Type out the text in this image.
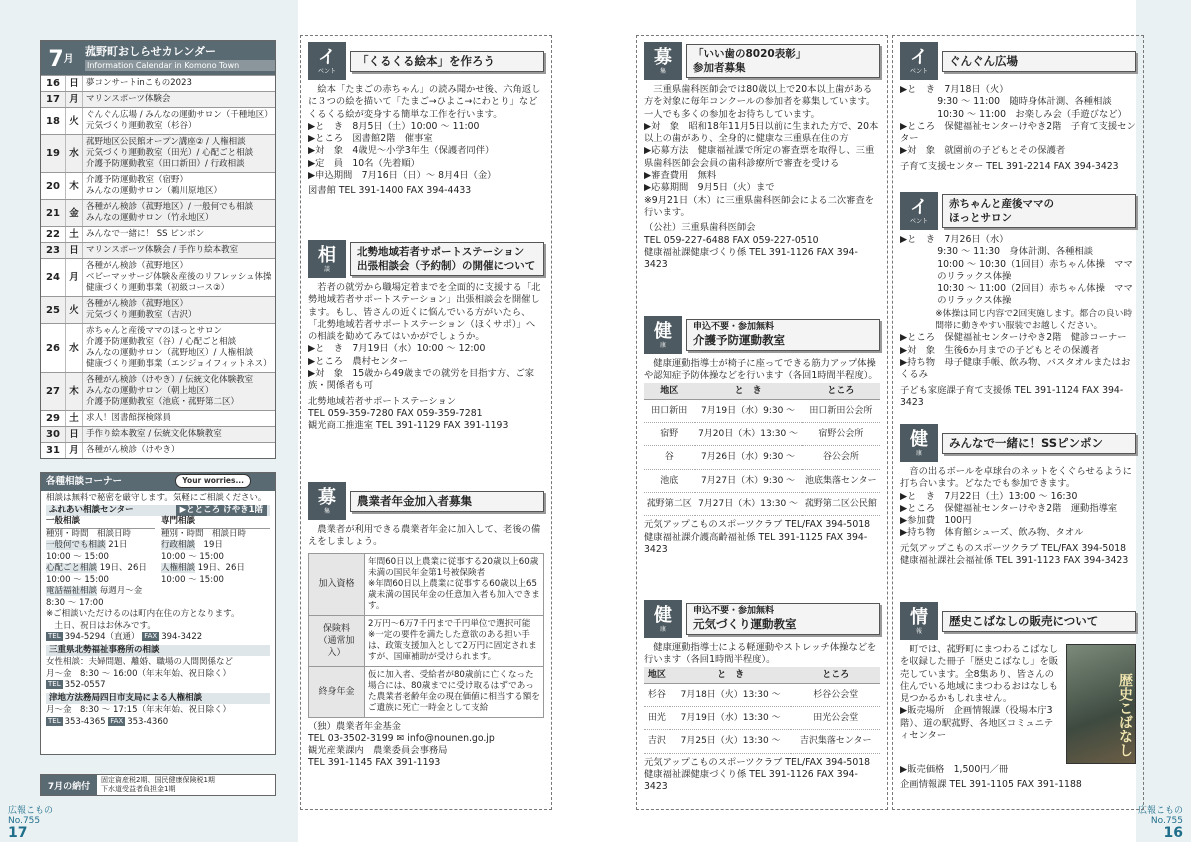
7 月
菰野町おしらせカレンダー
Information Calendar in Komono Town
16 日 夢コンサートinこもの2023
17 月 マリンスポーツ体験会
18 火
ぐんぐん広場 / みんなの運動サロン（千種地区）
元気づくり運動教室（杉谷）
19 水
菰野地区公民館オープン講座② / 人権相談
元気づくり運動教室（田光）/ 心配ごと相談
介護予防運動教室（田口新田）/ 行政相談
20 木
介護予防運動教室（宿野）
みんなの運動サロン（鵜川原地区）
21 金
各種がん検診（菰野地区）/ 一般何でも相談
みんなの運動サロン（竹永地区）
22 土 みんなで一緒に！ SS ピンポン
23 日 マリンスポーツ体験会 / 手作り絵本教室
24 月
各種がん検診（菰野地区）
ベビーマッサージ体験＆産後のリフレッシュ体操
健康づくり運動事業（初級コース②）
25 火
各種がん検診（菰野地区）
元気づくり運動教室（吉沢）
26 水
赤ちゃんと産後ママのほっとサロン
介護予防運動教室（谷）/ 心配ごと相談
みんなの運動サロン（菰野地区）/ 人権相談
健康づくり運動事業（エンジョイフィットネス）
27 木
各種がん検診（けやき）/ 伝統文化体験教室
みんなの運動サロン（朝上地区）
介護予防運動教室（池底・菰野第二区）
29 土 求人！図書館探検隊員
30 日 手作り絵本教室 / 伝統文化体験教室
31 月 各種がん検診（けやき）
各種相談コーナー	Your worries...
相談は無料で秘密を厳守します。気軽にご相談ください。
ふれあい相談センター	▶とところ けやき1階
一般相談	専門相談
種別・時間　 相談日時	種別・時間　 相談日時
一般何でも相談 21日	行政相談　 19日
10:00 ～ 15:00	10:00 ～ 15:00
心配ごと相談 19日、26日	人権相談 19日、26日
10:00 ～ 15:00	10:00 ～ 15:00
電話福祉相談 毎週月～金
8:30 ～ 17:00
※ご相談いただけるのは町内在住の方となります。
土日、祝日はお休みです。
TEL 394-5294（直通） FAX 394-3422
三重県北勢福祉事務所の相談
女性相談：夫婦問題、離婚、職場の人間関係など
月～金　8:30 ～ 16:00（年末年始、祝日除く）
TEL 352-0557
津地方法務局四日市支局による人権相談
月～金　8:30 ～ 17:15（年末年始、祝日除く）
TEL 353-4365 FAX 353-4360
7月の納付
固定資産税2期、国民健康保険税1期
下水道受益者負担金1期
広報こもの
No.755
17
広報こもの
No.755
16
イ
ベント
「くるくる絵本」を作ろう

絵本「たまごの赤ちゃん」の読み聞かせ後、六角返しに３つの絵を描いて「たまご→ひよこ→にわとり」などくるくる絵が変身する簡単な工作を行います。

▶と　き　8月5日（土）10:00 ～ 11:00
▶ところ　図書館2階　催事室
▶対　象　4歳児～小学3年生（保護者同伴）
▶定　員　10名（先着順）
▶申込期間　7月16日（日）～ 8月4日（金）
図書館 TEL 391-1400 FAX 394-4433
相
談
北勢地域若者サポートステーション
出張相談会（予約制）の開催について

若者の就労から職場定着までを全面的に支援する「北勢地域若者サポートステーション」出張相談会を開催します。もし、皆さんの近くに悩んでいる方がいたら、「北勢地域若者サポートステーション（ほくサポ）」への相談を勧めてみてはいかがでしょうか。

▶と　き　7月19日（水）10:00 ～ 12:00
▶ところ　農村センター
▶対　象　15歳から49歳までの就労を目指す方、ご家族・関係者も可
北勢地域若者サポートステーション
TEL 059-359-7280 FAX 059-359-7281
観光商工推進室 TEL 391-1129 FAX 391-1193
募
集
農業者年金加入者募集

農業者が利用できる農業者年金に加入して、老後の備えをしましょう。

加入資格	年間60日以上農業に従事する20歳以上60歳未満の国民年金第1号被保険者
※年間60日以上農業に従事する60歳以上65歳未満の国民年金の任意加入者も加入できます。
保険料
（通常加入）	2万円～6万7千円まで千円単位で選択可能
※一定の要件を満たした意欲のある担い手は、政策支援加入として2万円に固定されますが、国庫補助が受けられます。
終身年金	仮に加入者、受給者が80歳前に亡くなった場合には、80歳までに受け取るはずであった農業者老齢年金の現在価値に相当する額をご遺族に死亡一時金として支給
（独）農業者年金基金
TEL 03-3502-3199 ✉ info@nounen.go.jp
観光産業課内　農業委員会事務局
TEL 391-1145 FAX 391-1193
募
集
「いい歯の8020表彰」
参加者募集

三重県歯科医師会では80歳以上で20本以上歯がある方を対象に毎年コンクールの参加者を募集しています。一人でも多くの参加をお待ちしています。

▶対　象　昭和18年11月5日以前に生まれた方で、20本以上の歯があり、全身的に健康な三重県在住の方
▶応募方法　健康福祉課で所定の審査票を取得し、三重県歯科医師会会員の歯科診療所で審査を受ける
▶審査費用　無料
▶応募期間　9月5日（火）まで
※9月21日（木）に三重県歯科医師会による二次審査を行います。
（公社）三重県歯科医師会
TEL 059-227-6488 FAX 059-227-0510
健康福祉課健康づくり係 TEL 391-1126 FAX 394-3423
健
康
申込不要・参加無料
介護予防運動教室

健康運動指導士が椅子に座ってできる筋力アップ体操や認知症予防体操などを行います（各回1時間半程度）。

地区	と　き	ところ
田口新田	7月19日（水）9:30 ～	田口新田公会所
宿野	7月20日（木）13:30 ～	宿野公会所
谷	7月26日（水）9:30 ～	谷公会所
池底	7月27日（木）9:30 ～	池底集落センター
菰野第二区	7月27日（木）13:30 ～	菰野第二区公民館
元気アップこものスポーツクラブ TEL/FAX 394-5018
健康福祉課介護高齢福祉係 TEL 391-1125 FAX 394-3423
健
康
申込不要・参加無料
元気づくり運動教室

健康運動指導士による軽運動やストレッチ体操などを行います（各回1時間半程度）。

地区	と　き	ところ
杉谷	7月18日（火）13:30 ～	杉谷公会堂
田光	7月19日（水）13:30 ～	田光公会堂
吉沢	7月25日（火）13:30 ～	吉沢集落センター
元気アップこものスポーツクラブ TEL/FAX 394-5018
健康福祉課健康づくり係 TEL 391-1126 FAX 394-3423
イ
ベント
ぐんぐん広場
▶と　き　7月18日（火）
9:30 ～ 11:00　随時身体計測、各種相談
10:30 ～ 11:00　お楽しみ会（手遊びなど）
▶ところ　保健福祉センターけやき2階　子育て支援センター
▶対　象　就園前の子どもとその保護者
子育て支援センター TEL 391-2214 FAX 394-3423
イ
ベント
赤ちゃんと産後ママの
ほっとサロン
▶と　き　7月26日（水）
9:30 ～ 11:30　身体計測、各種相談
10:00 ～ 10:30（1回目）赤ちゃん体操　ママのリラックス体操
10:30 ～ 11:00（2回目）赤ちゃん体操　ママのリラックス体操
※体操は同じ内容で2回実施します。都合の良い時間帯に動きやすい服装でお越しください。
▶ところ　保健福祉センターけやき2階　健診コーナー
▶対　象　生後6か月までの子どもとその保護者
▶持ち物　母子健康手帳、飲み物、バスタオルまたはおくるみ
子ども家庭課子育て支援係 TEL 391-1124 FAX 394-3423
健
康
みんなで一緒に！SSピンポン

音の出るボールを卓球台のネットをくぐらせるように打ち合います。どなたでも参加できます。

▶と　き　7月22日（土）13:00 ～ 16:30
▶ところ　保健福祉センターけやき2階　運動指導室
▶参加費　100円
▶持ち物　体育館シューズ、飲み物、タオル
元気アップこものスポーツクラブ TEL/FAX 394-5018
健康福祉課社会福祉係 TEL 391-1123 FAX 394-3423
情
報
歴史こばなしの販売について
歴史こばなし

町では、菰野町にまつわるこばなしを収録した冊子「歴史こばなし」を販売しています。全8集あり、皆さんの住んでいる地域にまつわるおはなしも見つかるかもしれません。

▶販売場所　企画情報課（役場本庁3階）、道の駅菰野、各地区コミュニティセンター
▶販売価格　1,500円／冊
企画情報課 TEL 391-1105 FAX 391-1188
